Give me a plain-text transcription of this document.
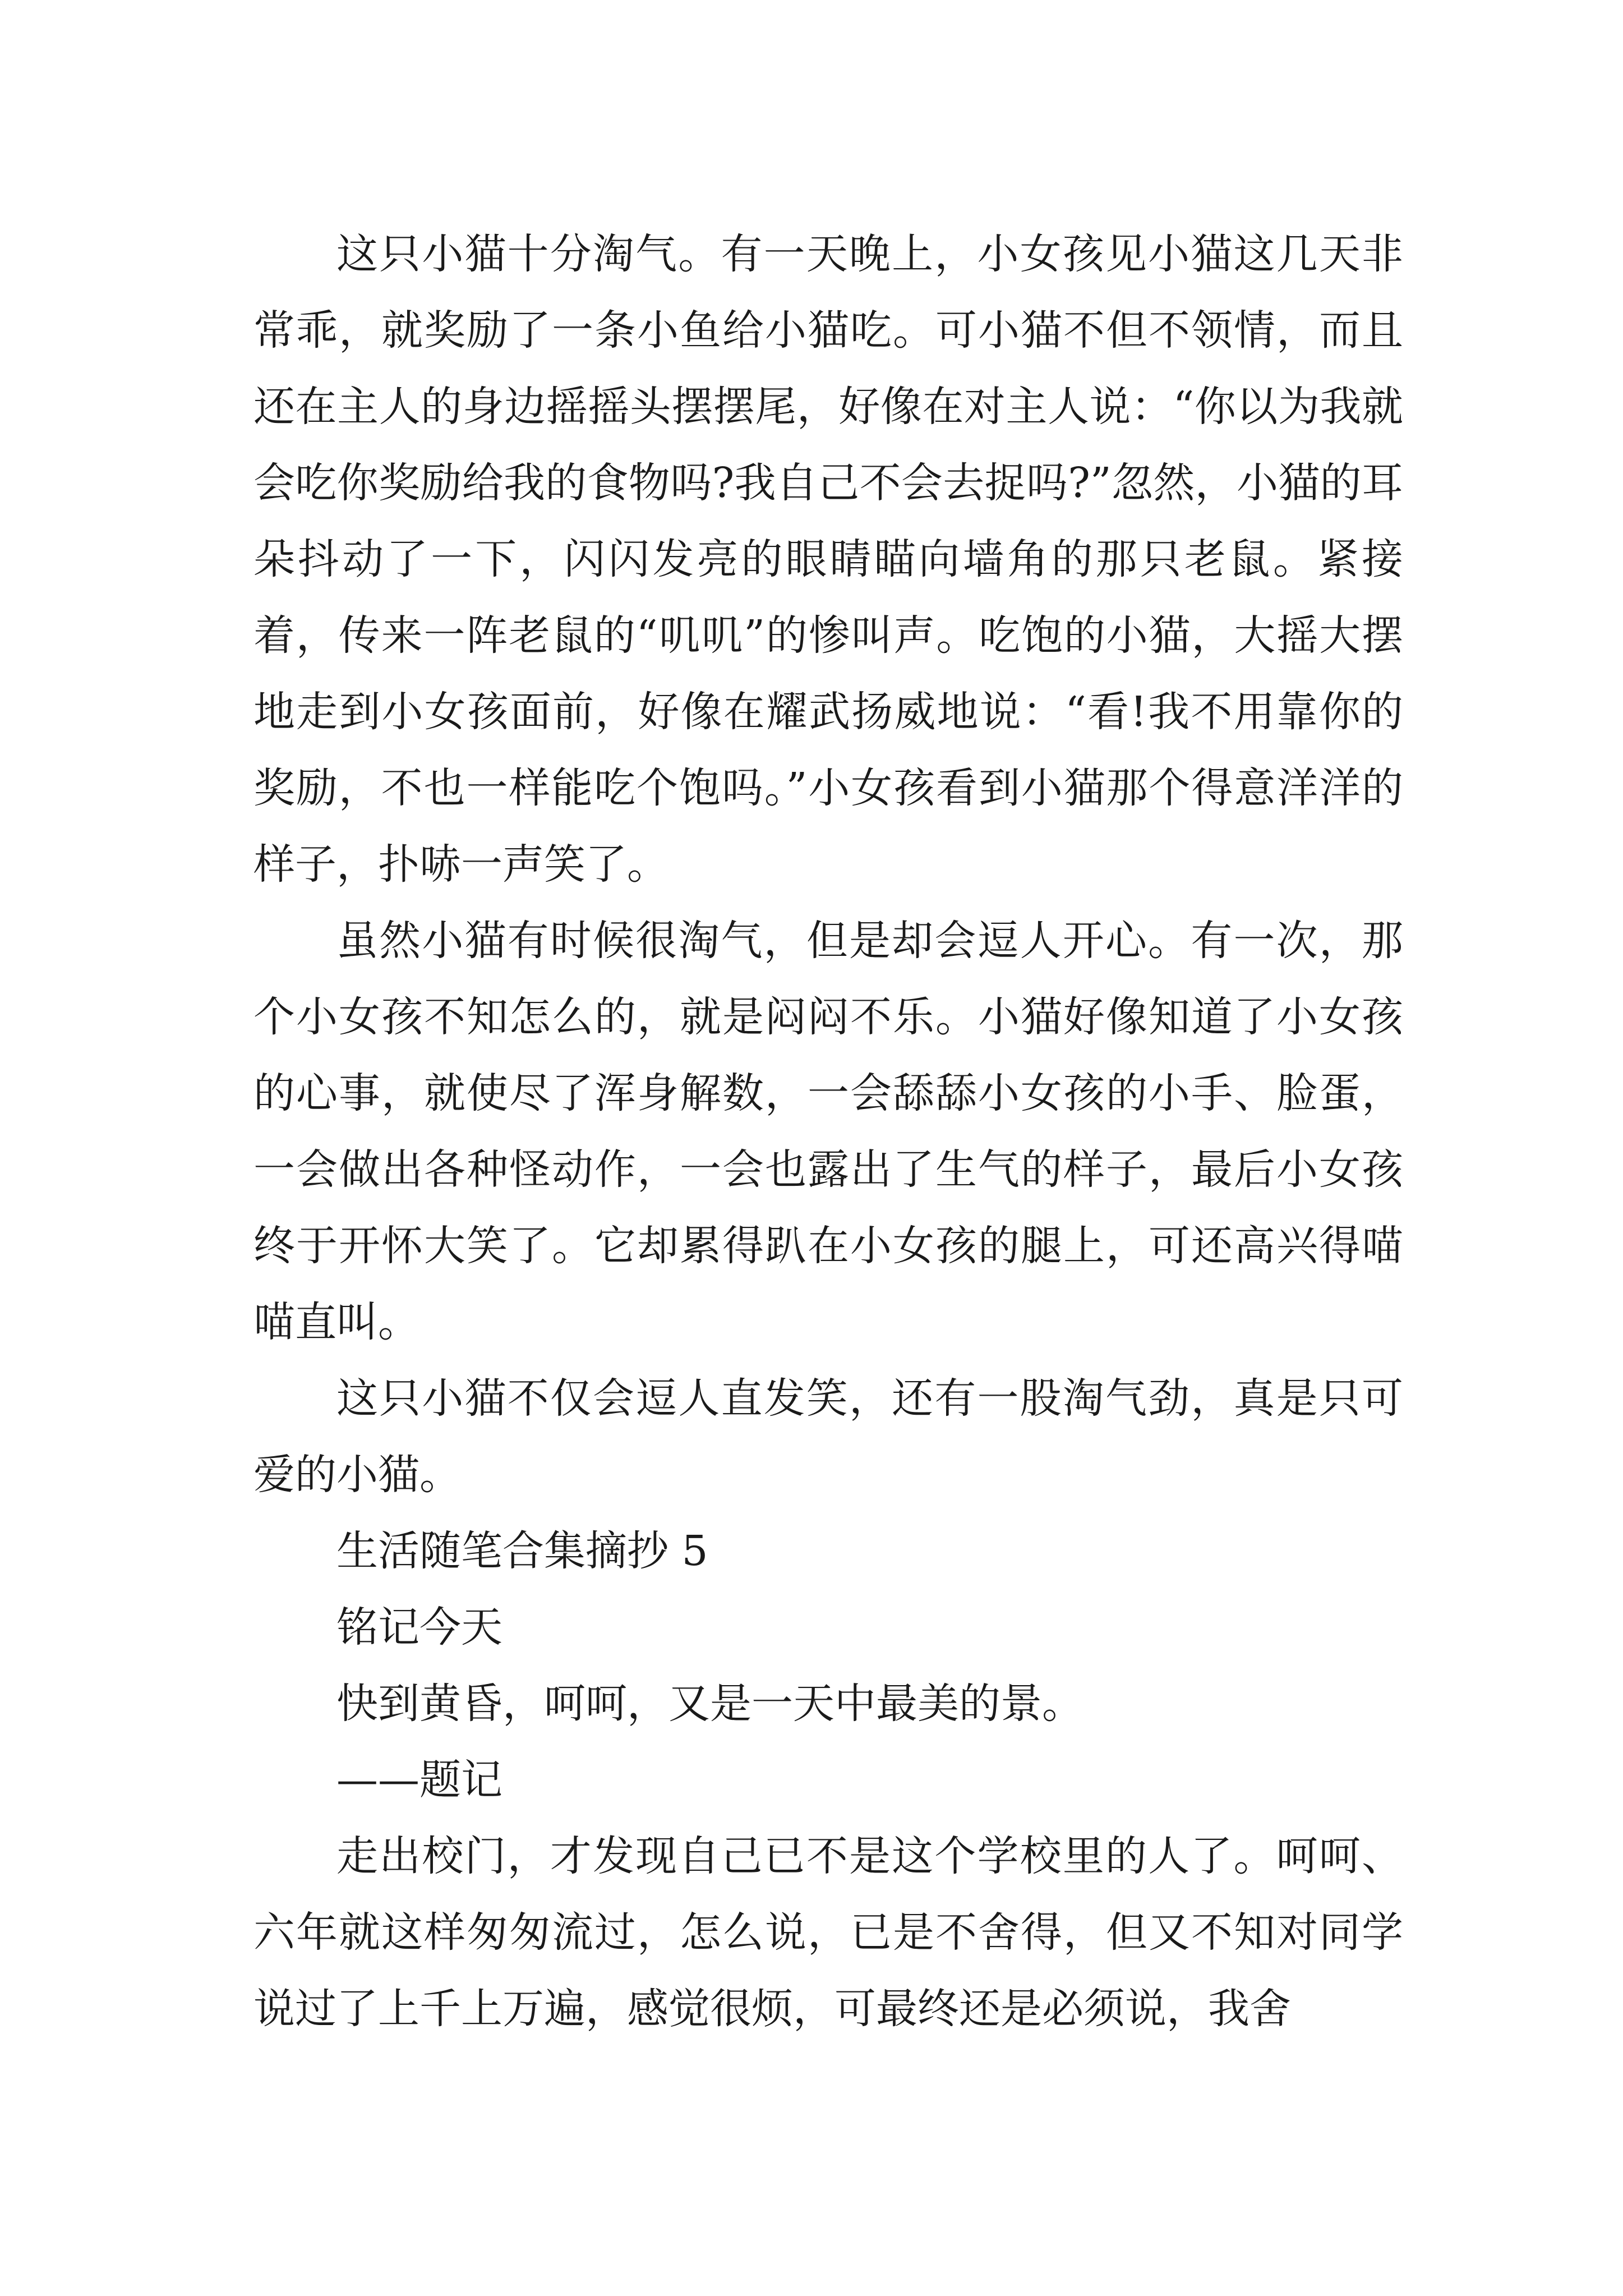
这只小猫十分淘气。有一天晚上，小女孩见小猫这几天非常乖，就奖励了一条小鱼给小猫吃。可小猫不但不领情，而且还在主人的身边摇摇头摆摆尾，好像在对主人说：“你以为我就会吃你奖励给我的食物吗?我自己不会去捉吗?”忽然，小猫的耳朵抖动了一下，闪闪发亮的眼睛瞄向墙角的那只老鼠。紧接着，传来一阵老鼠的“叽叽”的惨叫声。吃饱的小猫，大摇大摆地走到小女孩面前，好像在耀武扬威地说：“看!我不用靠你的奖励，不也一样能吃个饱吗。”小女孩看到小猫那个得意洋洋的样子，扑哧一声笑了。

虽然小猫有时候很淘气，但是却会逗人开心。有一次，那个小女孩不知怎么的，就是闷闷不乐。小猫好像知道了小女孩的心事，就使尽了浑身解数，一会舔舔小女孩的小手、脸蛋，一会做出各种怪动作，一会也露出了生气的样子，最后小女孩终于开怀大笑了。它却累得趴在小女孩的腿上，可还高兴得喵喵直叫。

这只小猫不仅会逗人直发笑，还有一股淘气劲，真是只可爱的小猫。

生活随笔合集摘抄 5

铭记今天

快到黄昏，呵呵，又是一天中最美的景。

——题记

走出校门，才发现自己已不是这个学校里的人了。呵呵、六年就这样匆匆流过，怎么说，已是不舍得，但又不知对同学说过了上千上万遍，感觉很烦，可最终还是必须说，我舍
